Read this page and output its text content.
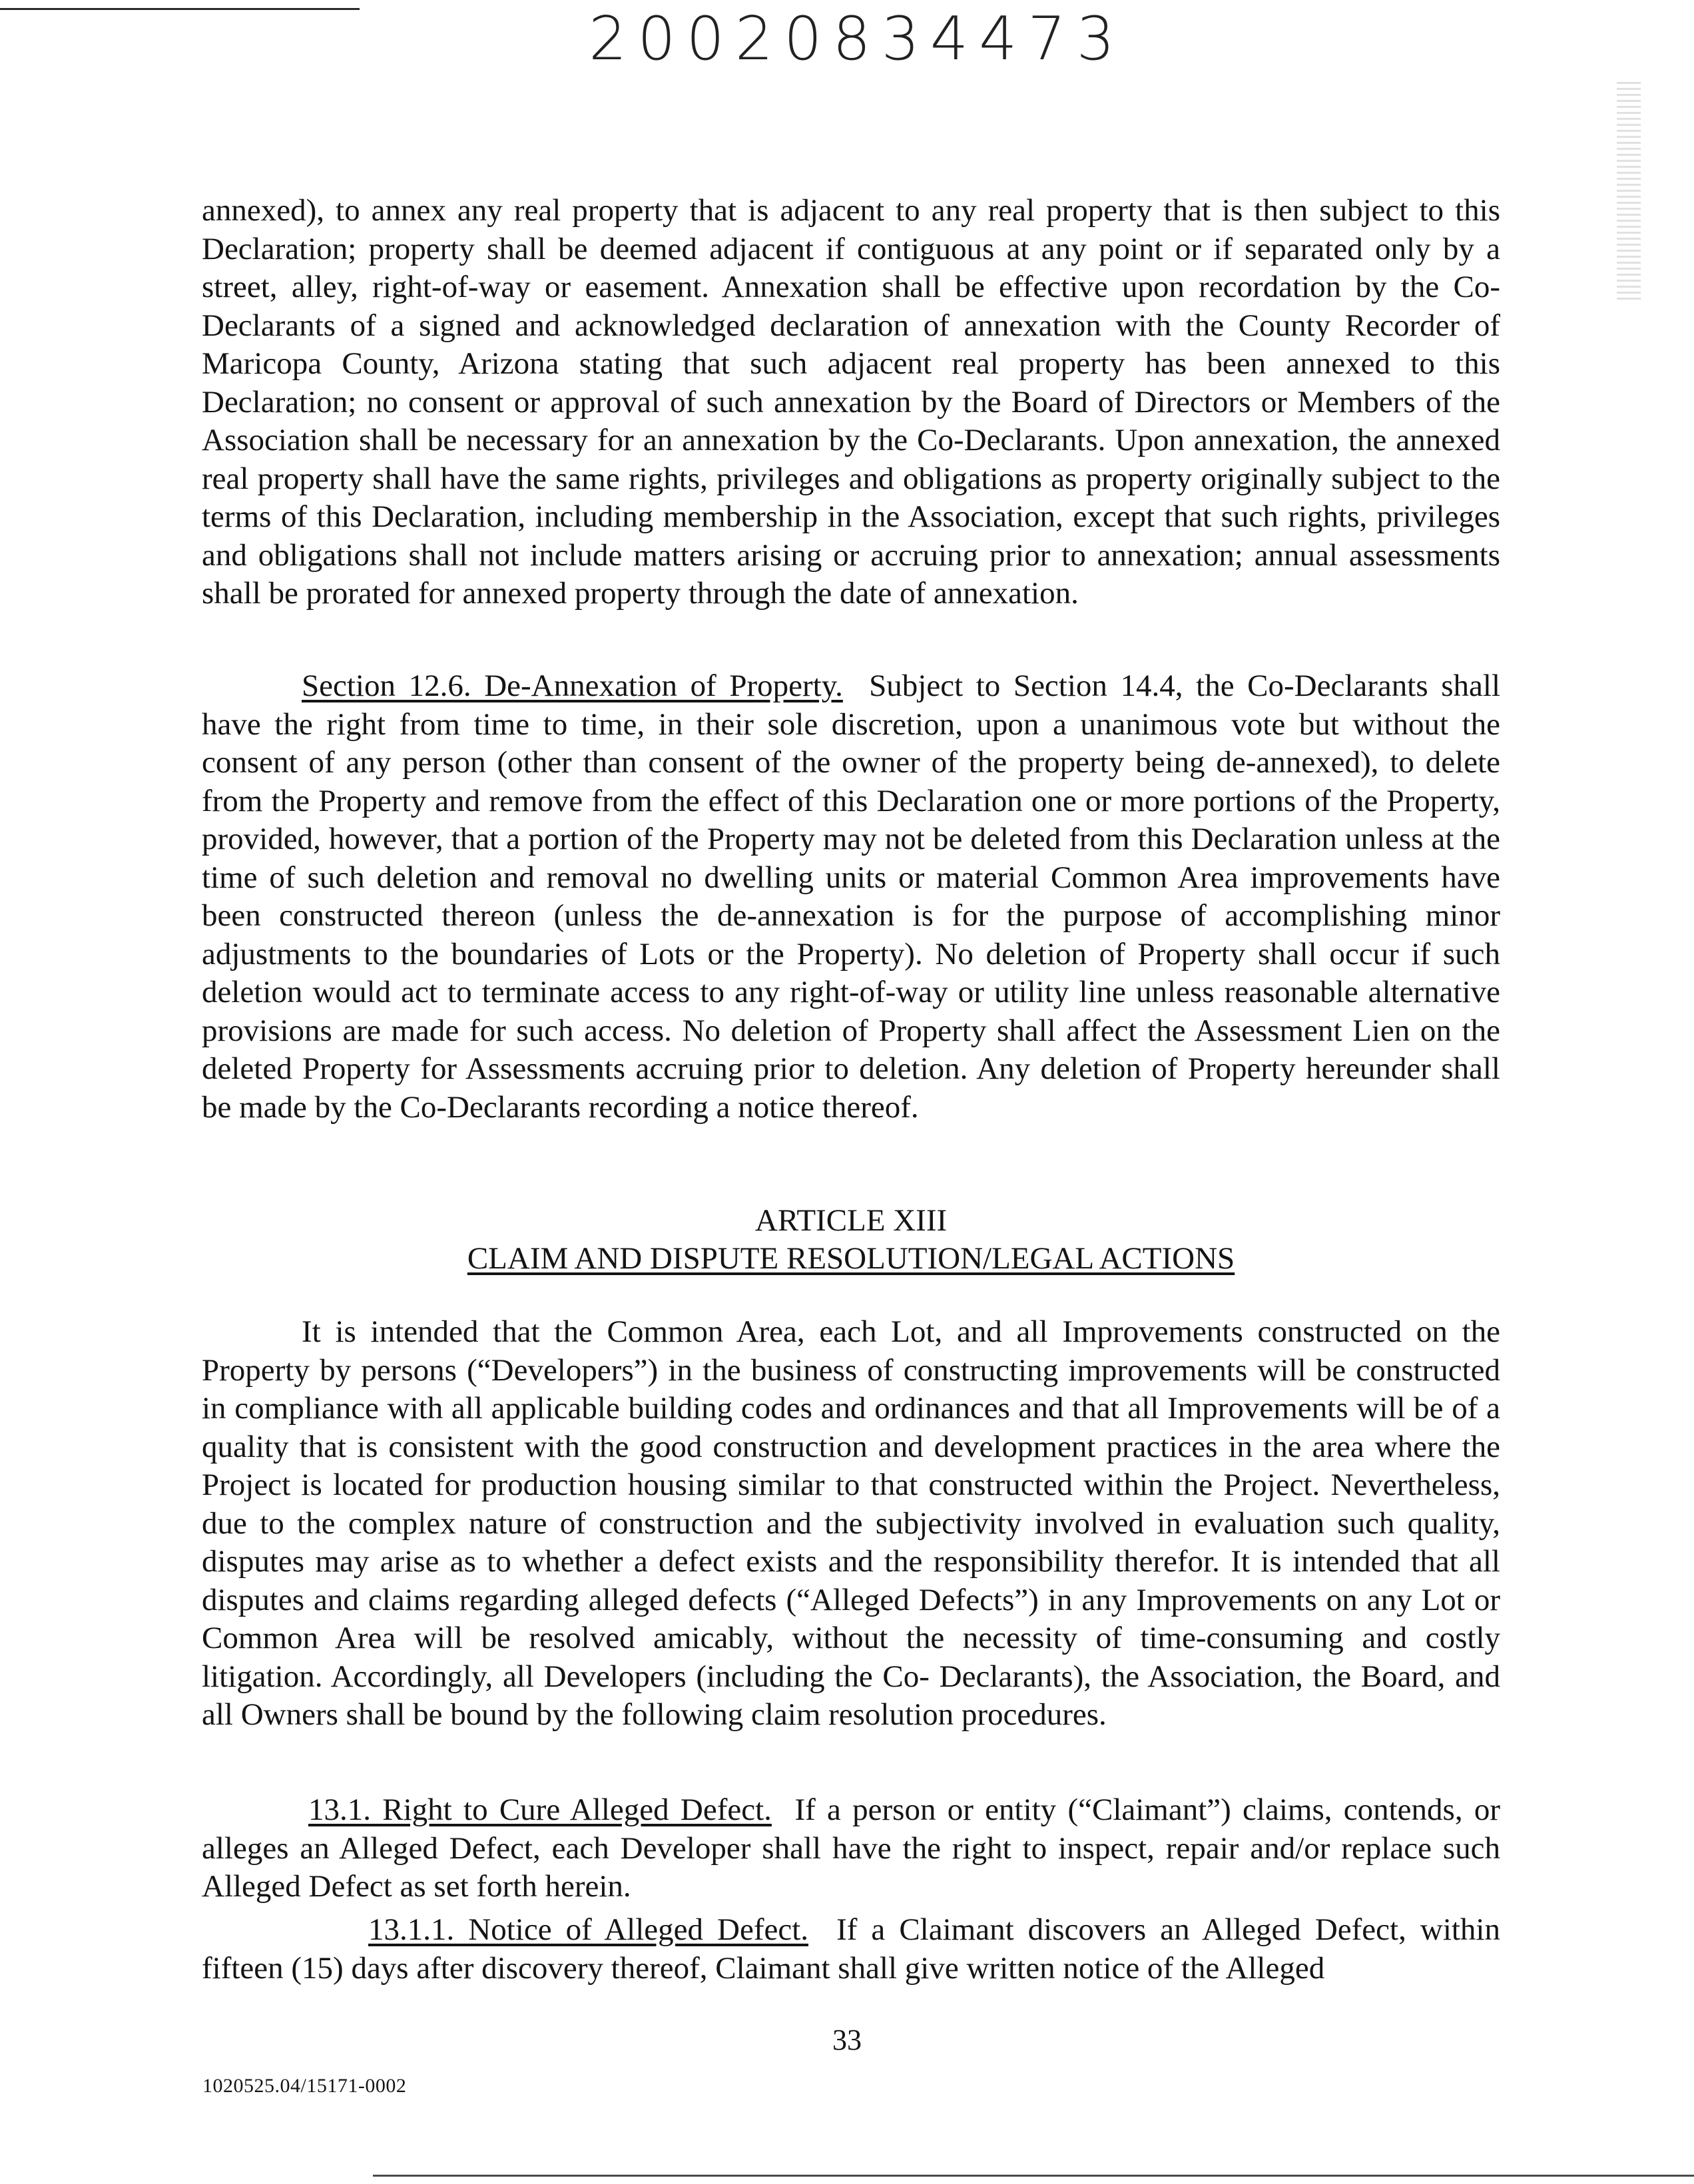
20020834473

annexed), to annex any real property that is adjacent to any real property that is then subject to this Declaration; property shall be deemed adjacent if contiguous at any point or if separated only by a street, alley, right-of-way or easement. Annexation shall be effective upon recordation by the Co-Declarants of a signed and acknowledged declaration of annexation with the County Recorder of Maricopa County, Arizona stating that such adjacent real property has been annexed to this Declaration; no consent or approval of such annexation by the Board of Directors or Members of the Association shall be necessary for an annexation by the Co-Declarants. Upon annexation, the annexed real property shall have the same rights, privileges and obligations as property originally subject to the terms of this Declaration, including membership in the Association, except that such rights, privileges and obligations shall not include matters arising or accruing prior to annexation; annual assessments shall be prorated for annexed property through the date of annexation.

Section 12.6. De-Annexation of Property. Subject to Section 14.4, the Co-Declarants shall have the right from time to time, in their sole discretion, upon a unanimous vote but without the consent of any person (other than consent of the owner of the property being de-annexed), to delete from the Property and remove from the effect of this Declaration one or more portions of the Property, provided, however, that a portion of the Property may not be deleted from this Declaration unless at the time of such deletion and removal no dwelling units or material Common Area improvements have been constructed thereon (unless the de-annexation is for the purpose of accomplishing minor adjustments to the boundaries of Lots or the Property). No deletion of Property shall occur if such deletion would act to terminate access to any right-of-way or utility line unless reasonable alternative provisions are made for such access. No deletion of Property shall affect the Assessment Lien on the deleted Property for Assessments accruing prior to deletion. Any deletion of Property hereunder shall be made by the Co-Declarants recording a notice thereof.

ARTICLE XIII
CLAIM AND DISPUTE RESOLUTION/LEGAL ACTIONS

It is intended that the Common Area, each Lot, and all Improvements constructed on the Property by persons (“Developers”) in the business of constructing improvements will be constructed in compliance with all applicable building codes and ordinances and that all Improvements will be of a quality that is consistent with the good construction and development practices in the area where the Project is located for production housing similar to that constructed within the Project. Nevertheless, due to the complex nature of construction and the subjectivity involved in evaluation such quality, disputes may arise as to whether a defect exists and the responsibility therefor. It is intended that all disputes and claims regarding alleged defects (“Alleged Defects”) in any Improvements on any Lot or Common Area will be resolved amicably, without the necessity of time-consuming and costly litigation. Accordingly, all Developers (including the Co- Declarants), the Association, the Board, and all Owners shall be bound by the following claim resolution procedures.

13.1. Right to Cure Alleged Defect. If a person or entity (“Claimant”) claims, contends, or alleges an Alleged Defect, each Developer shall have the right to inspect, repair and/or replace such Alleged Defect as set forth herein.

13.1.1. Notice of Alleged Defect. If a Claimant discovers an Alleged Defect, within fifteen (15) days after discovery thereof, Claimant shall give written notice of the Alleged

33
1020525.04/15171-0002
